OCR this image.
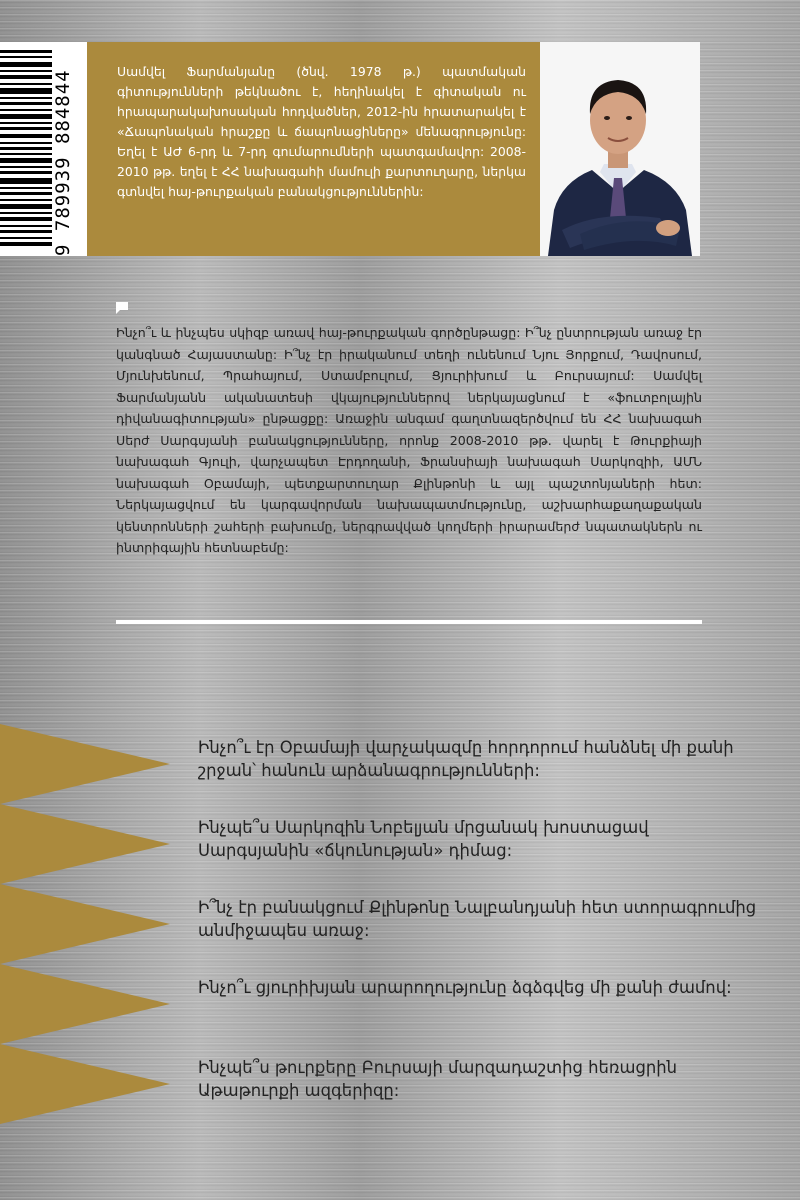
9 789939 884844	Սամվել Ֆարմանյանը (ծնվ. 1978 թ.) պատմական գիտությունների թեկնածու է, հեղինակել է գիտական ու հրապարակախոսական հոդվածներ, 2012-ին հրատարակել է «Ճապոնական հրաշքը և ճապոնացիները» մենագրությունը: Եղել է ԱԺ 6-րդ և 7-րդ գումարումների պատգամավոր: 2008-2010 թթ. եղել է ՀՀ նախագահի մամուլի քարտուղարը, ներկա գտնվել հայ-թուրքական բանակցություններին:

Ինչո՞ւ և ինչպես սկիզբ առավ հայ-թուրքական գործընթացը: Ի՞նչ ընտրության առաջ էր կանգնած Հայաստանը: Ի՞նչ էր իրականում տեղի ունենում Նյու Յորքում, Դավոսում, Մյունխենում, Պրահայում, Ստամբուլում, Ցյուրիխում և Բուրսայում: Սամվել Ֆարմանյանն ականատեսի վկայություններով ներկայացնում է «ֆուտբոլային դիվանագիտության» ընթացքը: Առաջին անգամ գաղտնազերծվում են ՀՀ նախագահ Սերժ Սարգսյանի բանակցությունները, որոնք 2008-2010 թթ. վարել է Թուրքիայի նախագահ Գյուլի, վարչապետ Էրդողանի, Ֆրանսիայի նախագահ Սարկոզիի, ԱՄՆ նախագահ Օբամայի, պետքարտուղար Քլինթոնի և այլ պաշտոնյաների հետ: Ներկայացվում են կարգավորման նախապատմությունը, աշխարհաքաղաքական կենտրոնների շահերի բախումը, ներգրավված կողմերի իրարամերժ նպատակներն ու ինտրիգային հետնաբեմը:

Ինչո՞ւ էր Օբամայի վարչակազմը հորդորում հանձնել մի քանի շրջան՝ հանուն արձանագրությունների:

Ինչպե՞ս Սարկոզին Նոբելյան մրցանակ խոստացավ Սարգսյանին «ճկունության» դիմաց:

Ի՞նչ էր բանակցում Քլինթոնը Նալբանդյանի հետ ստորագրումից անմիջապես առաջ:

Ինչո՞ւ ցյուրիխյան արարողությունը ձգձգվեց մի քանի ժամով:

Ինչպե՞ս թուրքերը Բուրսայի մարզադաշտից հեռացրին Աթաթուրքի ազգերիզը:
